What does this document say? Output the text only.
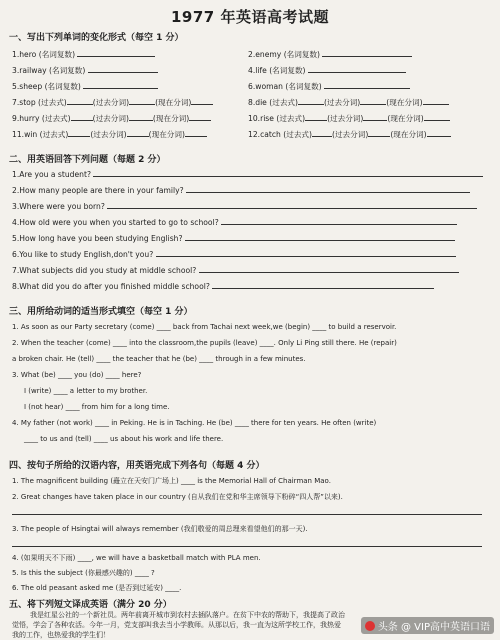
1977 年英语高考试题
一、写出下列单词的变化形式（每空 1 分）
1.hero (名词复数)	2.enemy (名词复数)
3.railway (名词复数)	4.life (名词复数)
5.sheep (名词复数)	6.woman (名词复数)
7.stop (过去式)	(过去分词)	(现在分词)	8.die (过去式)	(过去分词)	(现在分词)
9.hurry (过去式)	(过去分词)	(现在分词)	10.rise (过去式)	(过去分词)	(现在分词)
11.win (过去式)	(过去分词)	(现在分词)	12.catch (过去式)	(过去分词)	(现在分词)
二、用英语回答下列问题（每题 2 分）
1.Are you a student?
2.How many people are there in your family?
3.Where were you born?
4.How old were you when you started to go to school?
5.How long have you been studying English?
6.You like to study English,don't you?
7.What subjects did you study at middle school?
8.What did you do after you finished middle school?
三、用所给动词的适当形式填空（每空 1 分）
1. As soon as our Party secretary (come) ____ back from Tachai next week,we (begin) ____ to build a reservoir.
2. When the teacher (come) ____ into the classroom,the pupils (leave) ____. Only Li Ping still there. He (repair)
a broken chair. He (tell) ____ the teacher that he (be) ____ through in a few minutes.
3. What (be) ____ you (do) ____ here?
I (write) ____ a letter to my brother.
I (not hear) ____ from him for a long time.
4. My father (not work) ____ in Peking. He is in Taching. He (be) ____ there for ten years. He often (write)
____ to us and (tell) ____ us about his work and life there.
四、按句子所给的汉语内容，用英语完成下列各句（每题 4 分）
1. The magnificent building (矗立在天安门广场上) ____ is the Memorial Hall of Chairman Mao.
2. Great changes have taken place in our country (自从我们在党和华主席领导下粉碎“四人帮”以来).
3. The people of Hsingtai will always remember (我们敬爱的周总理来看望他们的那一天).
4. (如果明天不下雨) ____, we will have a basketball match with PLA men.
5. Is this the subject (你最感兴趣的) ____ ?
6. The old peasant asked me (是否到过延安) ____.
五、将下列短文译成英语（满分 20 分）
我是红星公社的一个新社员。两年前离开城市到农村去插队落户。在贫下中农的帮助下，我提高了政治
觉悟，学会了各种农活。今年一月，党支部叫我去当小学教师。从那以后，我一直为这所学校工作，我热爱
我的工作，也热爱我的学生们！
头条 @ VIP高中英语口语
